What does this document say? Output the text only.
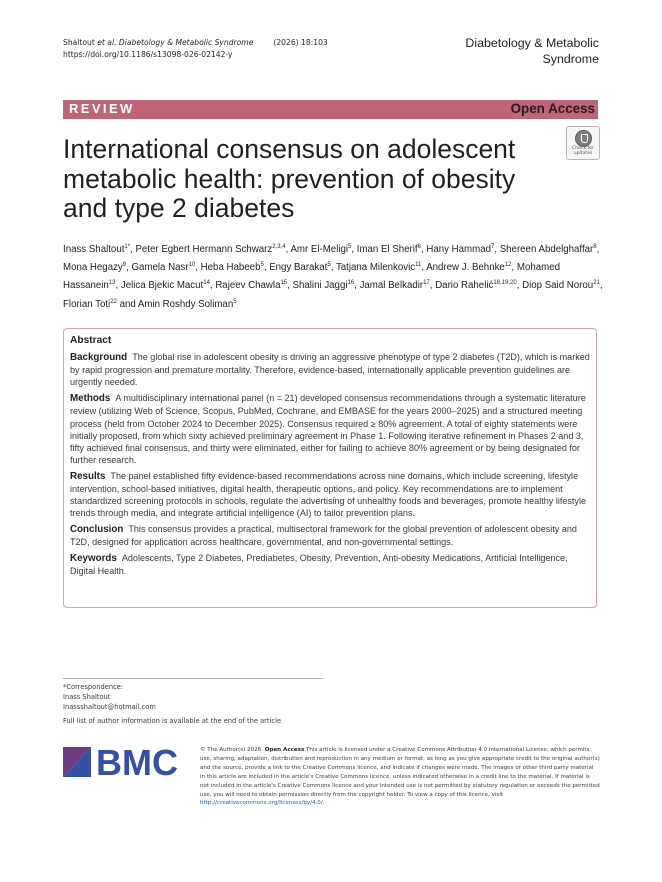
Shaltout et al. Diabetology & Metabolic Syndrome	(2026) 18:103
https://doi.org/10.1186/s13098-026-02142-y
Diabetology & Metabolic
Syndrome
REVIEW	Open Access
Check for
updates
International consensus on adolescent metabolic health: prevention of obesity and type 2 diabetes
Inass Shaltout$^{1*}$, Peter Egbert Hermann Schwarz$^{2,3,4}$, Amr El-Meligi$^5$, Iman El Sherif$^6$, Hany Hammad$^7$, Shereen Abdelghaffar$^8$, Mona Hegazy$^9$, Gamela Nasr$^{10}$, Heba Habeeb$^5$, Engy Barakat$^5$, Tatjana Milenkovic$^{11}$, Andrew J. Behnke$^{12}$, Mohamed Hassanein$^{13}$, Jelica Bjekic Macut$^{14}$, Rajeev Chawla$^{15}$, Shalini Jaggi$^{16}$, Jamal Belkadir$^{17}$, Dario Rahelić$^{18,19,20}$, Diop Said Norou$^{21}$, Florian Toti$^{22}$ and Amin Roshdy Soliman$^5$
Abstract

Background The global rise in adolescent obesity is driving an aggressive phenotype of type 2 diabetes (T2D), which is marked by rapid progression and premature mortality. Therefore, evidence-based, internationally applicable prevention guidelines are urgently needed.

Methods A multidisciplinary international panel (n = 21) developed consensus recommendations through a systematic literature review (utilizing Web of Science, Scopus, PubMed, Cochrane, and EMBASE for the years 2000–2025) and a structured meeting process (held from October 2024 to December 2025). Consensus required ≥ 80% agreement. A total of eighty statements were initially proposed, from which sixty achieved preliminary agreement in Phase 1. Following iterative refinement in Phases 2 and 3, fifty achieved final consensus, and thirty were eliminated, either for failing to achieve 80% agreement or by being designated for further research.

Results The panel established fifty evidence-based recommendations across nine domains, which include screening, lifestyle intervention, school-based initiatives, digital health, therapeutic options, and policy. Key recommendations are to implement standardized screening protocols in schools, regulate the advertising of unhealthy foods and beverages, promote healthy lifestyle trends through media, and integrate artificial intelligence (AI) to tailor prevention plans.

Conclusion This consensus provides a practical, multisectoral framework for the global prevention of adolescent obesity and T2D, designed for application across healthcare, governmental, and non-governmental settings.

Keywords Adolescents, Type 2 Diabetes, Prediabetes, Obesity, Prevention, Anti-obesity Medications, Artificial Intelligence, Digital Health.

*Correspondence:
Inass Shaltout
Inassshaltout@hotmail.com
Full list of author information is available at the end of the article
BMC	© The Author(s) 2026. Open Access This article is licensed under a Creative Commons Attribution 4.0 International License, which permits use, sharing, adaptation, distribution and reproduction in any medium or format, as long as you give appropriate credit to the original author(s) and the source, provide a link to the Creative Commons licence, and indicate if changes were made. The images or other third party material in this article are included in the article's Creative Commons licence, unless indicated otherwise in a credit line to the material. If material is not included in the article's Creative Commons licence and your intended use is not permitted by statutory regulation or exceeds the permitted use, you will need to obtain permission directly from the copyright holder. To view a copy of this licence, visit http://creativecommons.org/licenses/by/4.0/.
